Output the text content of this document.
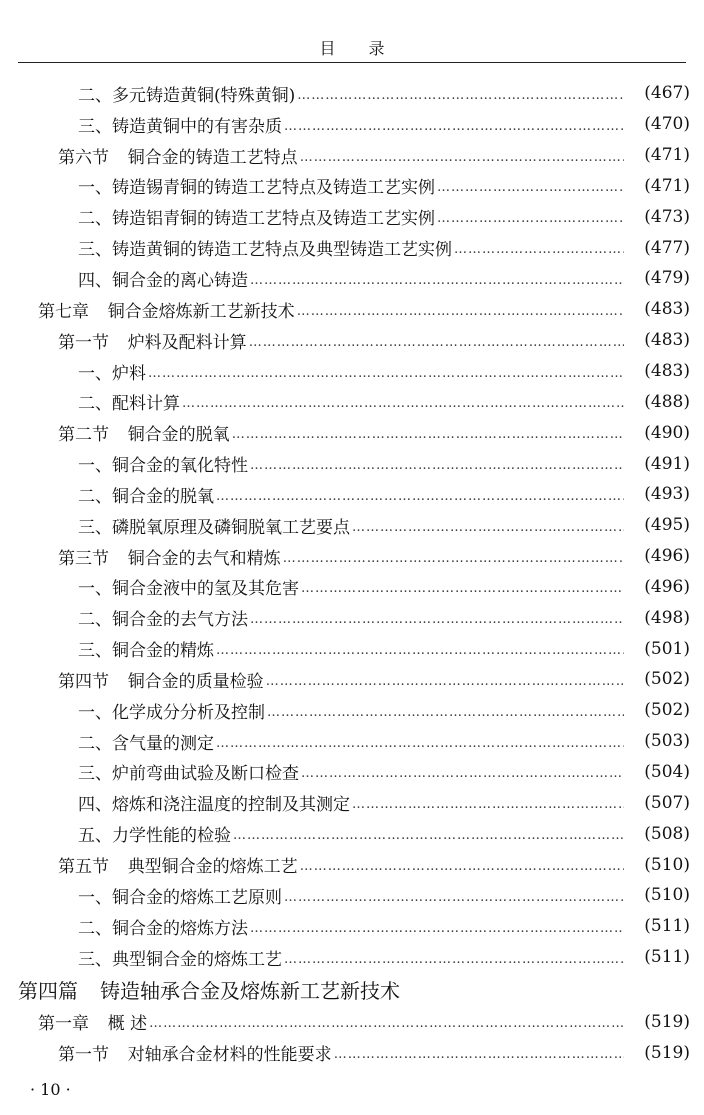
目 录
二、多元铸造黄铜(特殊黄铜) …………………………………………………………………………………………………………………………………………………………………………	(467)
三、铸造黄铜中的有害杂质 …………………………………………………………………………………………………………………………………………………………………………	(470)
第六节 铜合金的铸造工艺特点 …………………………………………………………………………………………………………………………………………………………………………	(471)
一、铸造锡青铜的铸造工艺特点及铸造工艺实例 …………………………………………………………………………………………………………………………………………………………………………	(471)
二、铸造铝青铜的铸造工艺特点及铸造工艺实例 …………………………………………………………………………………………………………………………………………………………………………	(473)
三、铸造黄铜的铸造工艺特点及典型铸造工艺实例 …………………………………………………………………………………………………………………………………………………………………………	(477)
四、铜合金的离心铸造 …………………………………………………………………………………………………………………………………………………………………………	(479)
第七章 铜合金熔炼新工艺新技术 …………………………………………………………………………………………………………………………………………………………………………	(483)
第一节 炉料及配料计算 …………………………………………………………………………………………………………………………………………………………………………	(483)
一、炉料 …………………………………………………………………………………………………………………………………………………………………………	(483)
二、配料计算 …………………………………………………………………………………………………………………………………………………………………………	(488)
第二节 铜合金的脱氧 …………………………………………………………………………………………………………………………………………………………………………	(490)
一、铜合金的氧化特性 …………………………………………………………………………………………………………………………………………………………………………	(491)
二、铜合金的脱氧 …………………………………………………………………………………………………………………………………………………………………………	(493)
三、磷脱氧原理及磷铜脱氧工艺要点 …………………………………………………………………………………………………………………………………………………………………………	(495)
第三节 铜合金的去气和精炼 …………………………………………………………………………………………………………………………………………………………………………	(496)
一、铜合金液中的氢及其危害 …………………………………………………………………………………………………………………………………………………………………………	(496)
二、铜合金的去气方法 …………………………………………………………………………………………………………………………………………………………………………	(498)
三、铜合金的精炼 …………………………………………………………………………………………………………………………………………………………………………	(501)
第四节 铜合金的质量检验 …………………………………………………………………………………………………………………………………………………………………………	(502)
一、化学成分分析及控制 …………………………………………………………………………………………………………………………………………………………………………	(502)
二、含气量的测定 …………………………………………………………………………………………………………………………………………………………………………	(503)
三、炉前弯曲试验及断口检查 …………………………………………………………………………………………………………………………………………………………………………	(504)
四、熔炼和浇注温度的控制及其测定 …………………………………………………………………………………………………………………………………………………………………………	(507)
五、力学性能的检验 …………………………………………………………………………………………………………………………………………………………………………	(508)
第五节 典型铜合金的熔炼工艺 …………………………………………………………………………………………………………………………………………………………………………	(510)
一、铜合金的熔炼工艺原则 …………………………………………………………………………………………………………………………………………………………………………	(510)
二、铜合金的熔炼方法 …………………………………………………………………………………………………………………………………………………………………………	(511)
三、典型铜合金的熔炼工艺 …………………………………………………………………………………………………………………………………………………………………………	(511)
第四篇 铸造轴承合金及熔炼新工艺新技术
第一章 概 述 …………………………………………………………………………………………………………………………………………………………………………	(519)
第一节 对轴承合金材料的性能要求 …………………………………………………………………………………………………………………………………………………………………………	(519)
· 10 ·
